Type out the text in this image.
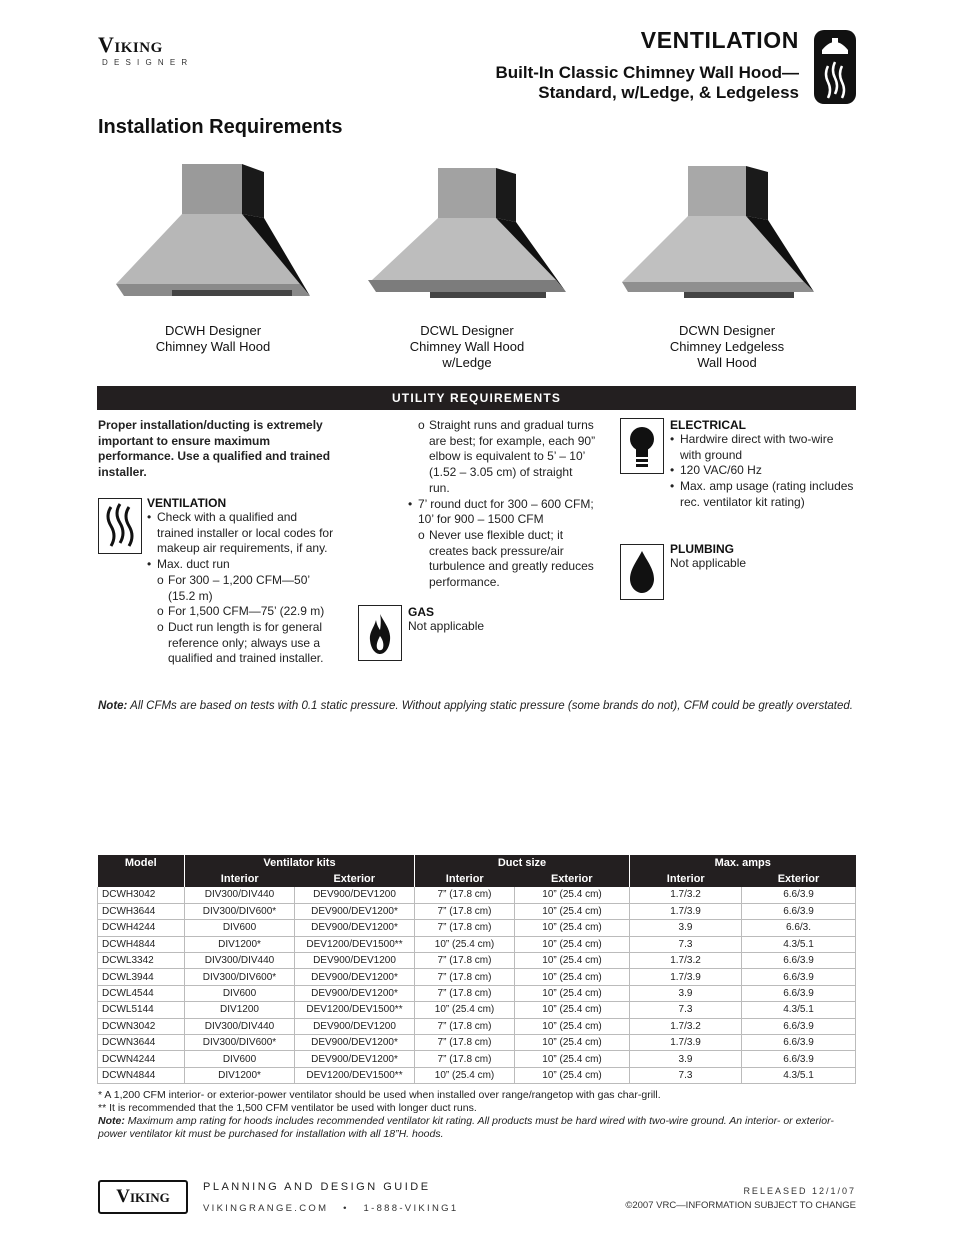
Viking
DESIGNER
VENTILATION
Built-In Classic Chimney Wall Hood—
Standard, w/Ledge, & Ledgeless
Installation Requirements
DCWH Designer
Chimney Wall Hood
DCWL Designer
Chimney Wall Hood
w/Ledge
DCWN Designer
Chimney Ledgeless
Wall Hood
UTILITY REQUIREMENTS
Proper installation/ducting is extremely important to ensure maximum performance. Use a qualified and trained installer.
VENTILATION
• Check with a qualified and trained installer or local codes for makeup air requirements, if any.
• Max. duct run
o For 300 – 1,200 CFM—50’ (15.2 m)
o For 1,500 CFM—75’ (22.9 m)
o Duct run length is for general reference only; always use a qualified and trained installer.
o Straight runs and gradual turns are best; for example, each 90” elbow is equivalent to 5’ – 10’ (1.52 – 3.05 cm) of straight run.
• 7’ round duct for 300 – 600 CFM; 10’ for 900 – 1500 CFM
o Never use flexible duct; it creates back pressure/air turbulence and greatly reduces performance.
GAS
Not applicable
ELECTRICAL
• Hardwire direct with two-wire with ground
• 120 VAC/60 Hz
• Max. amp usage (rating includes rec. ventilator kit rating)
PLUMBING
Not applicable
Note: All CFMs are based on tests with 0.1 static pressure. Without applying static pressure (some brands do not), CFM could be greatly overstated.
Model	Ventilator kits		Duct size		Max. amps	
	Interior	Exterior	Interior	Exterior	Interior	Exterior
DCWH3042	DIV300/DIV440	DEV900/DEV1200	7” (17.8 cm)	10” (25.4 cm)	1.7/3.2	6.6/3.9
DCWH3644	DIV300/DIV600*	DEV900/DEV1200*	7” (17.8 cm)	10” (25.4 cm)	1.7/3.9	6.6/3.9
DCWH4244	DIV600	DEV900/DEV1200*	7” (17.8 cm)	10” (25.4 cm)	3.9	6.6/3.
DCWH4844	DIV1200*	DEV1200/DEV1500**	10” (25.4 cm)	10” (25.4 cm)	7.3	4.3/5.1
DCWL3342	DIV300/DIV440	DEV900/DEV1200	7” (17.8 cm)	10” (25.4 cm)	1.7/3.2	6.6/3.9
DCWL3944	DIV300/DIV600*	DEV900/DEV1200*	7” (17.8 cm)	10” (25.4 cm)	1.7/3.9	6.6/3.9
DCWL4544	DIV600	DEV900/DEV1200*	7” (17.8 cm)	10” (25.4 cm)	3.9	6.6/3.9
DCWL5144	DIV1200	DEV1200/DEV1500**	10” (25.4 cm)	10” (25.4 cm)	7.3	4.3/5.1
DCWN3042	DIV300/DIV440	DEV900/DEV1200	7” (17.8 cm)	10” (25.4 cm)	1.7/3.2	6.6/3.9
DCWN3644	DIV300/DIV600*	DEV900/DEV1200*	7” (17.8 cm)	10” (25.4 cm)	1.7/3.9	6.6/3.9
DCWN4244	DIV600	DEV900/DEV1200*	7” (17.8 cm)	10” (25.4 cm)	3.9	6.6/3.9
DCWN4844	DIV1200*	DEV1200/DEV1500**	10” (25.4 cm)	10” (25.4 cm)	7.3	4.3/5.1
* A 1,200 CFM interior- or exterior-power ventilator should be used when installed over range/rangetop with gas char-grill.
** It is recommended that the 1,500 CFM ventilator be used with longer duct runs.
Note: Maximum amp rating for hoods includes recommended ventilator kit rating. All products must be hard wired with two-wire ground. An interior- or exterior-power ventilator kit must be purchased for installation with all 18”H. hoods.
Viking	PLANNING AND DESIGN GUIDE
VIKINGRANGE.COM   •   1-888-VIKING1
RELEASED 12/1/07
©2007 VRC—INFORMATION SUBJECT TO CHANGE
